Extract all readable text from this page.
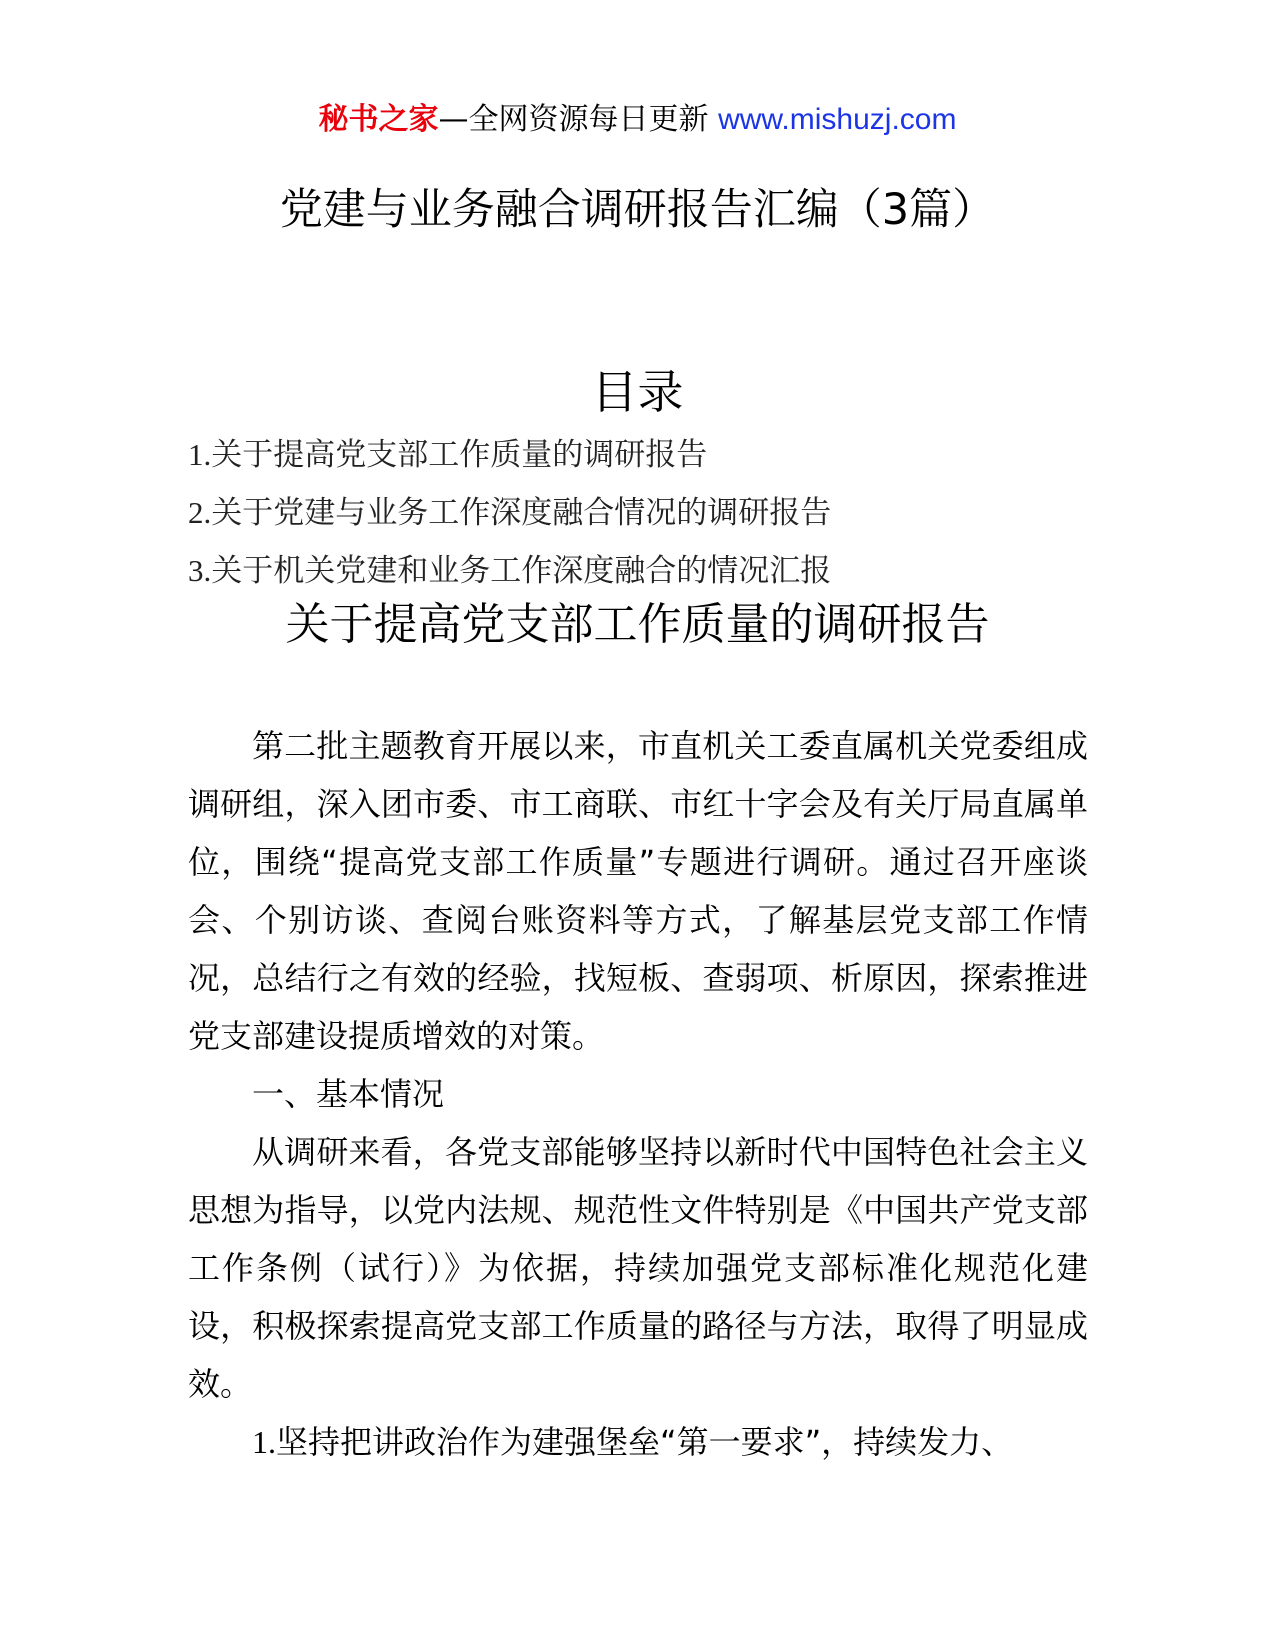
秘书之家—全网资源每日更新 www.mishuzj.com
党建与业务融合调研报告汇编（3篇）
目录
1.关于提高党支部工作质量的调研报告
2.关于党建与业务工作深度融合情况的调研报告
3.关于机关党建和业务工作深度融合的情况汇报
关于提高党支部工作质量的调研报告

第二批主题教育开展以来，市直机关工委直属机关党委组成调研组，深入团市委、市工商联、市红十字会及有关厅局直属单位，围绕“提高党支部工作质量”专题进行调研。通过召开座谈会、个别访谈、查阅台账资料等方式，了解基层党支部工作情况，总结行之有效的经验，找短板、查弱项、析原因，探索推进党支部建设提质增效的对策。

一、基本情况

从调研来看，各党支部能够坚持以新时代中国特色社会主义思想为指导，以党内法规、规范性文件特别是《中国共产党支部工作条例（试行）》为依据，持续加强党支部标准化规范化建设，积极探索提高党支部工作质量的路径与方法，取得了明显成效。

1.坚持把讲政治作为建强堡垒“第一要求”，持续发力、
